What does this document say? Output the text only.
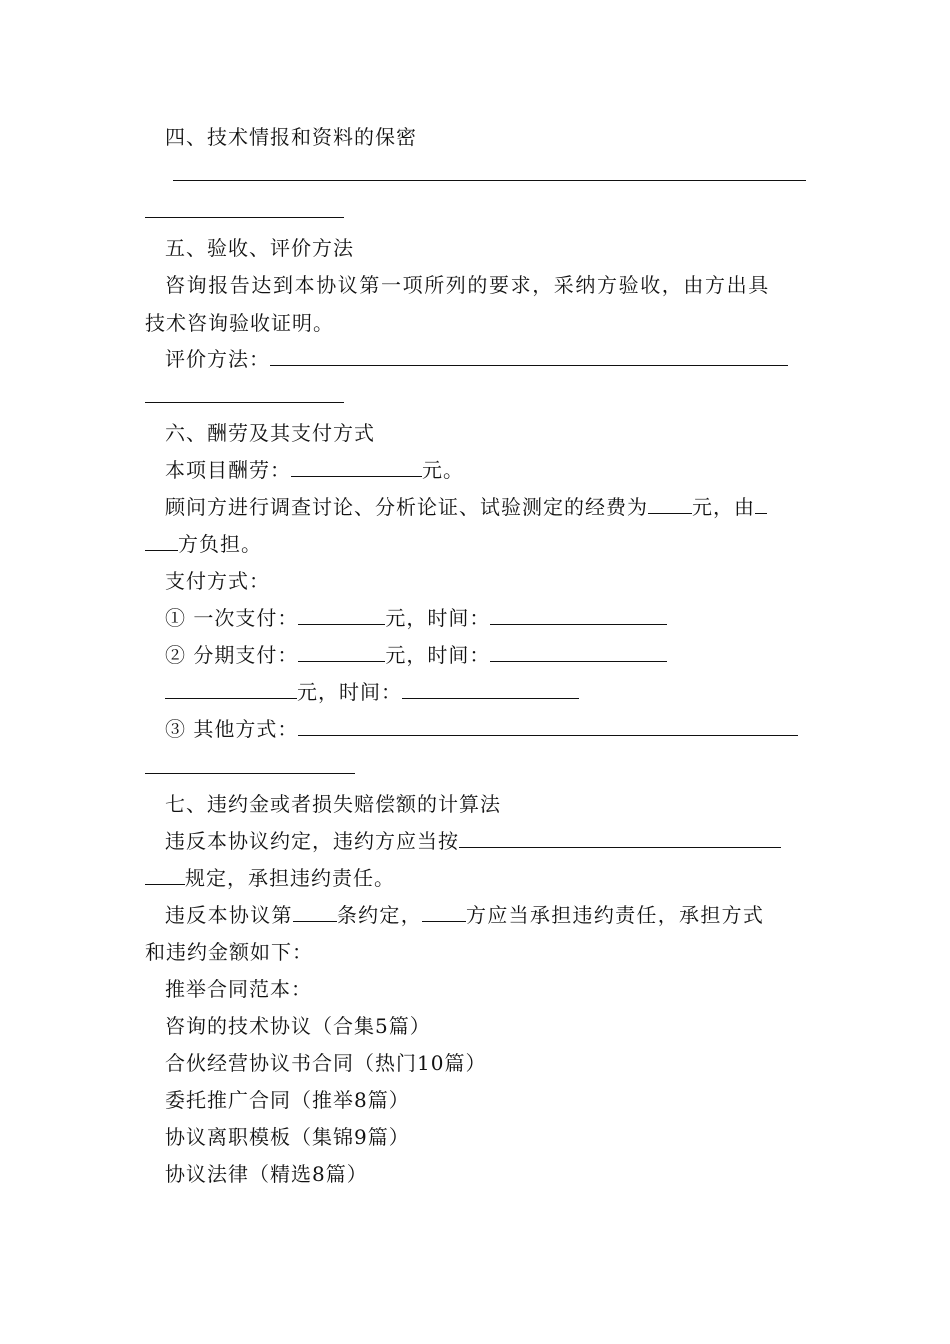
四、技术情报和资料的保密
五、验收、评价方法
咨询报告达到本协议第一项所列的要求，采纳方验收，由方出具
技术咨询验收证明。
评价方法：
六、酬劳及其支付方式
本项目酬劳：	元。
顾问方进行调查讨论、分析论证、试验测定的经费为 元，由
方负担。
支付方式：
① 一次支付：	元，时间：
② 分期支付：	元，时间：
元，时间：
③ 其他方式：
七、违约金或者损失赔偿额的计算法
违反本协议约定，违约方应当按
规定，承担违约责任。
违反本协议第 条约定， 方应当承担违约责任，承担方式
和违约金额如下：
推举合同范本：
咨询的技术协议（合集5篇）
合伙经营协议书合同（热门10篇）
委托推广合同（推举8篇）
协议离职模板（集锦9篇）
协议法律（精选8篇）
